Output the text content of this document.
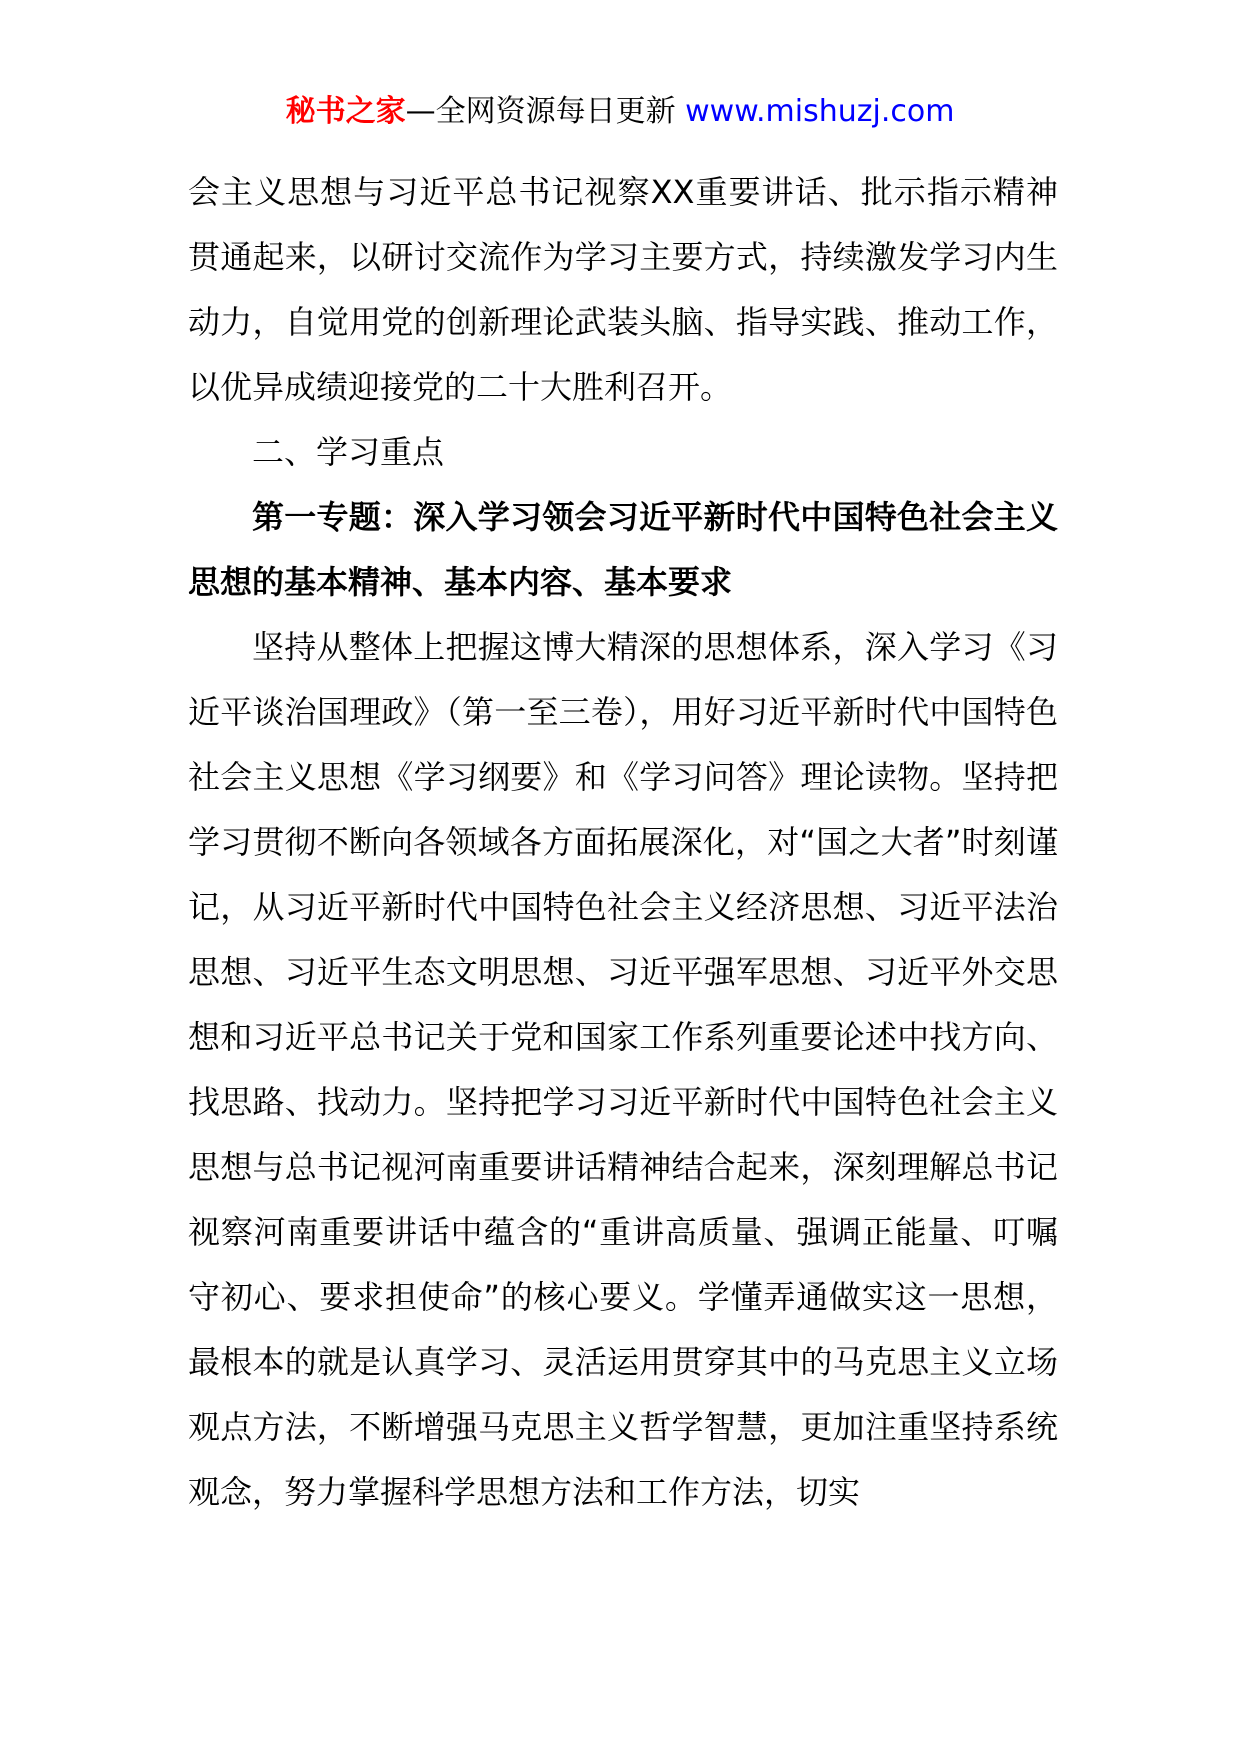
秘书之家—全网资源每日更新 www.mishuzj.com

会主义思想与习近平总书记视察XX重要讲话、批示指示精神贯通起来，以研讨交流作为学习主要方式，持续激发学习内生动力，自觉用党的创新理论武装头脑、指导实践、推动工作，以优异成绩迎接党的二十大胜利召开。

二、学习重点

第一专题：深入学习领会习近平新时代中国特色社会主义思想的基本精神、基本内容、基本要求

坚持从整体上把握这博大精深的思想体系，深入学习《习近平谈治国理政》（第一至三卷），用好习近平新时代中国特色社会主义思想《学习纲要》和《学习问答》理论读物。坚持把学习贯彻不断向各领域各方面拓展深化，对“国之大者”时刻谨记，从习近平新时代中国特色社会主义经济思想、习近平法治思想、习近平生态文明思想、习近平强军思想、习近平外交思想和习近平总书记关于党和国家工作系列重要论述中找方向、找思路、找动力。坚持把学习习近平新时代中国特色社会主义思想与总书记视河南重要讲话精神结合起来，深刻理解总书记视察河南重要讲话中蕴含的“重讲高质量、强调正能量、叮嘱守初心、要求担使命”的核心要义。学懂弄通做实这一思想，最根本的就是认真学习、灵活运用贯穿其中的马克思主义立场观点方法，不断增强马克思主义哲学智慧，更加注重坚持系统观念，努力掌握科学思想方法和工作方法，切实
